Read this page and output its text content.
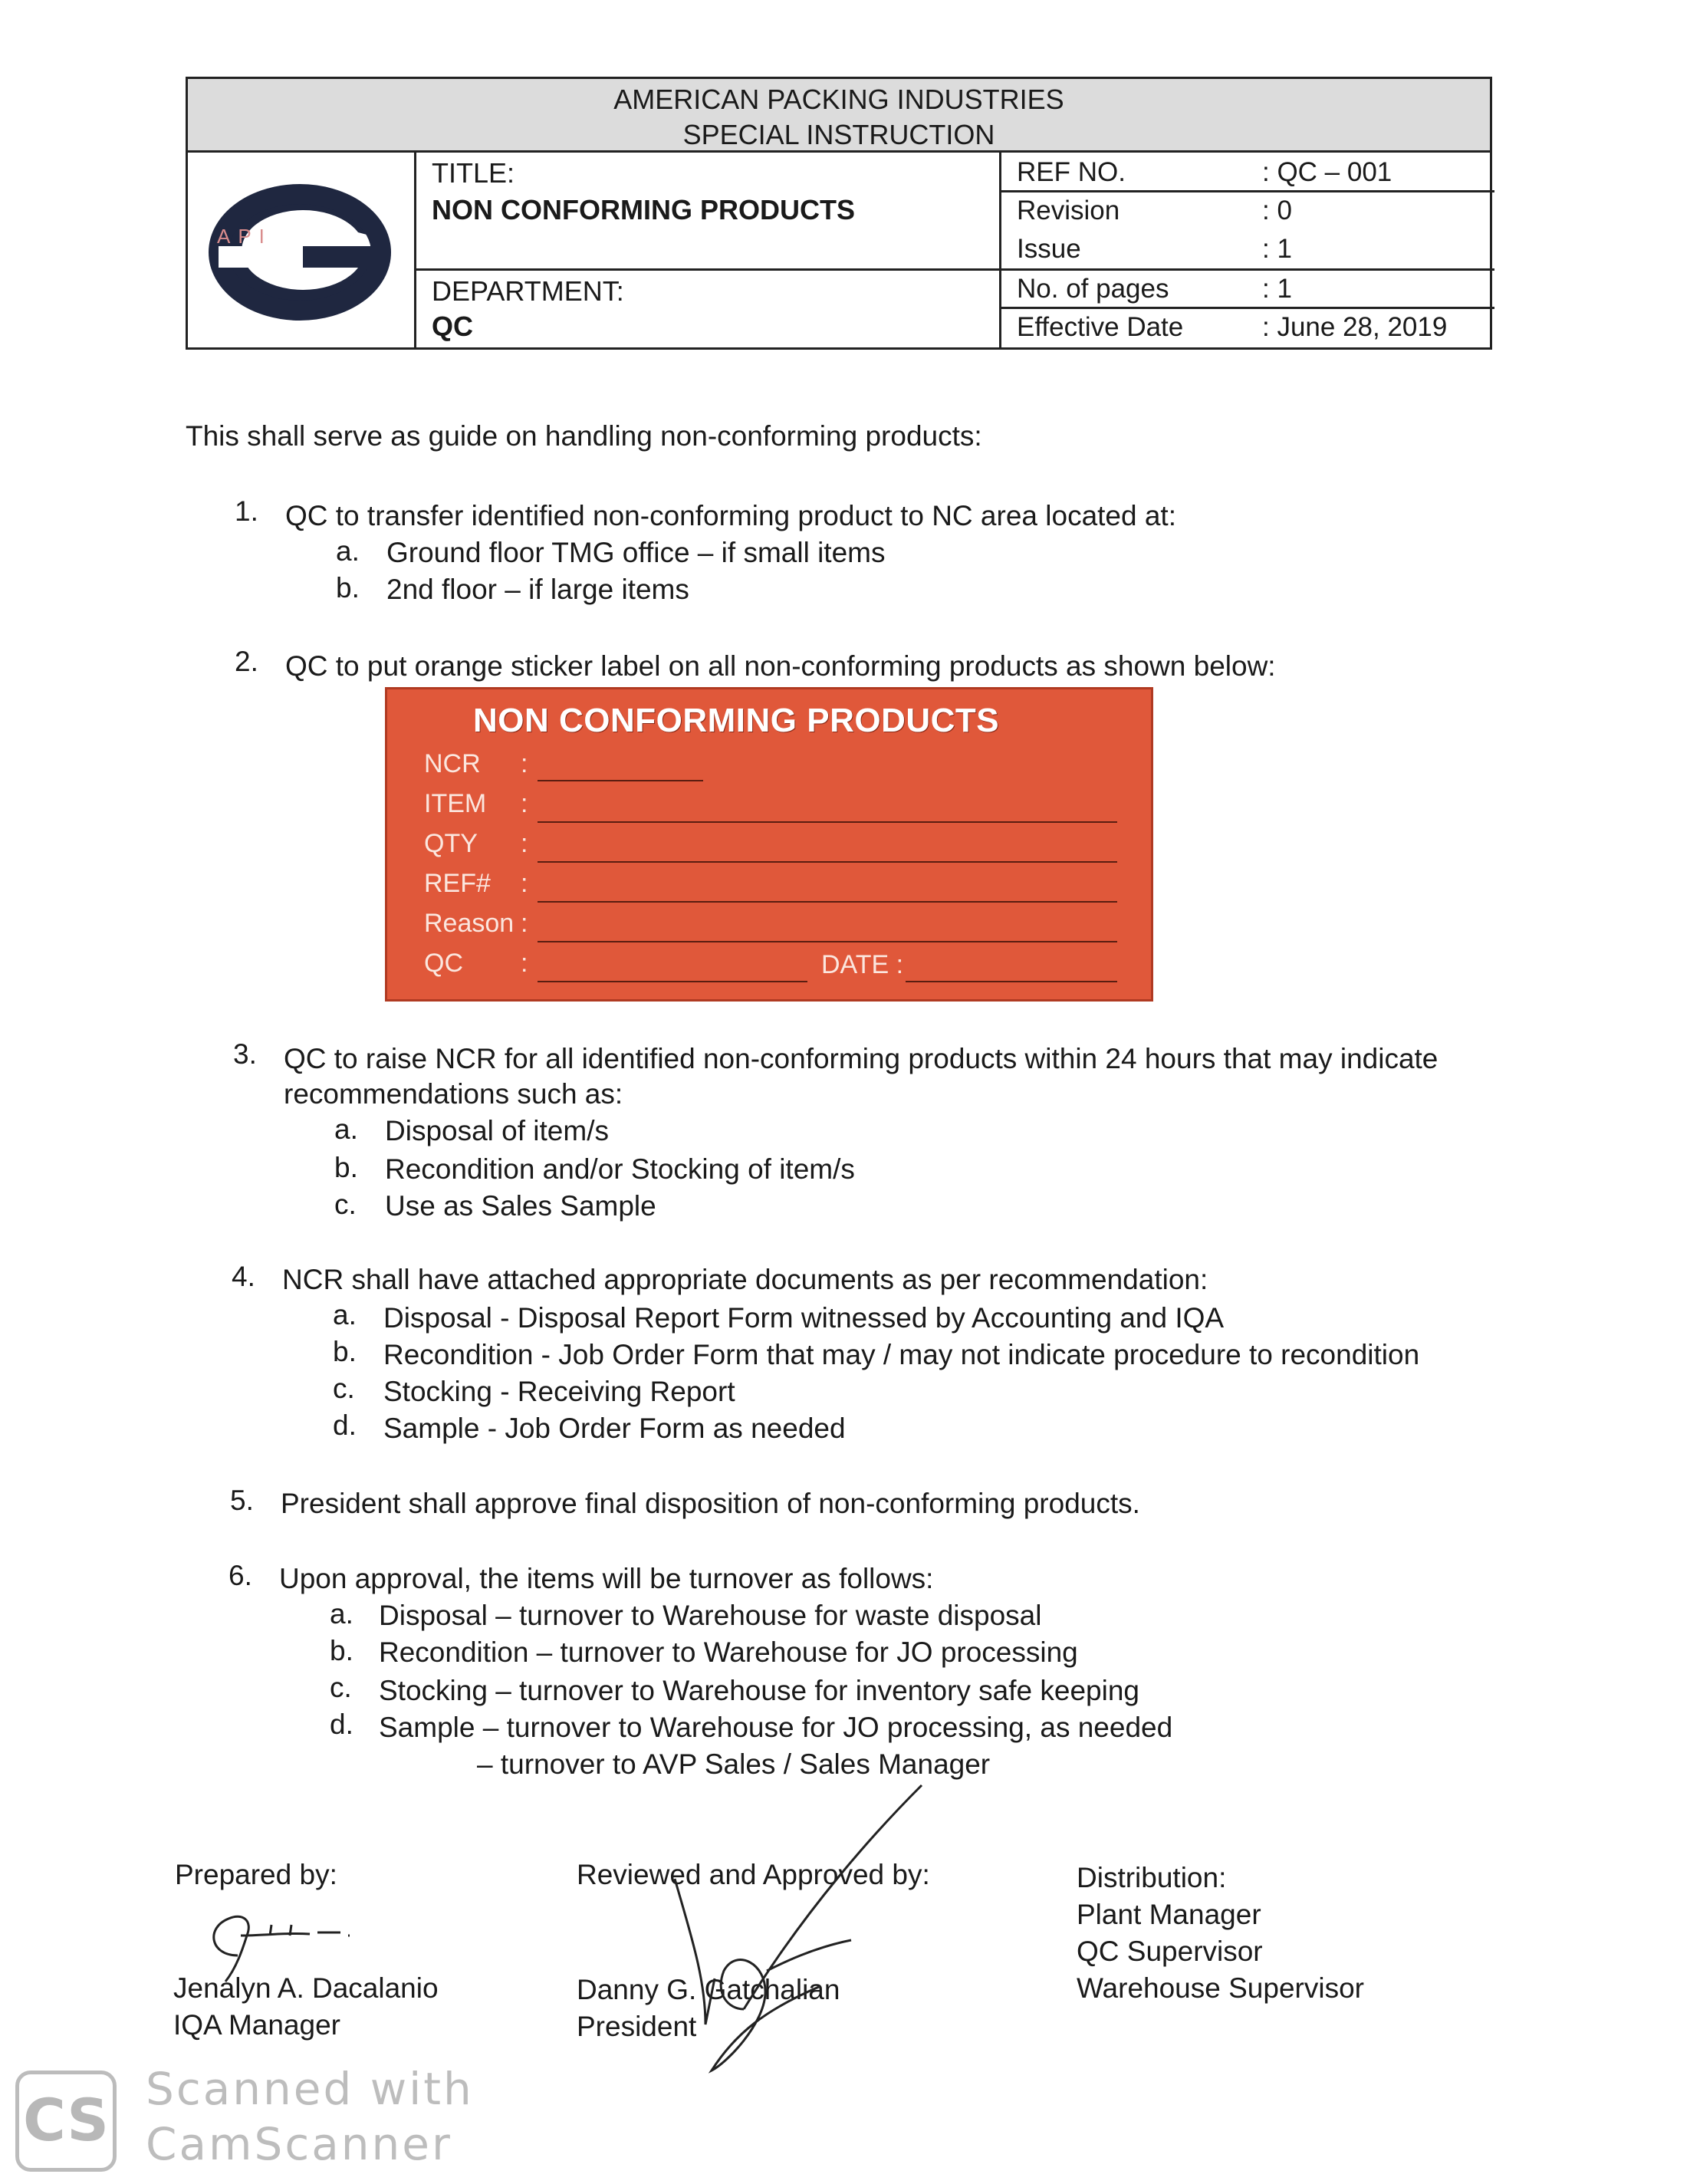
AMERICAN PACKING INDUSTRIES
SPECIAL INSTRUCTION
API
TITLE:
NON CONFORMING PRODUCTS
DEPARTMENT:
QC
REF NO.	: QC – 001
Revision	: 0
Issue	: 1
No. of pages	: 1
Effective Date	: June 28, 2019
This shall serve as guide on handling non-conforming products:
1. QC to transfer identified non-conforming product to NC area located at:
a. Ground floor TMG office – if small items
b. 2nd floor – if large items
2. QC to put orange sticker label on all non-conforming products as shown below:
NON CONFORMING PRODUCTS
NCR :
ITEM :
QTY :
REF# :
Reason :
QC :	DATE :
3. QC to raise NCR for all identified non-conforming products within 24 hours that may indicate
recommendations such as:
a. Disposal of item/s
b. Recondition and/or Stocking of item/s
c. Use as Sales Sample
4. NCR shall have attached appropriate documents as per recommendation:
a. Disposal - Disposal Report Form witnessed by Accounting and IQA
b. Recondition - Job Order Form that may / may not indicate procedure to recondition
c. Stocking - Receiving Report
d. Sample - Job Order Form as needed
5. President shall approve final disposition of non-conforming products.
6. Upon approval, the items will be turnover as follows:
a. Disposal – turnover to Warehouse for waste disposal
b. Recondition – turnover to Warehouse for JO processing
c. Stocking – turnover to Warehouse for inventory safe keeping
d. Sample – turnover to Warehouse for JO processing, as needed
– turnover to AVP Sales / Sales Manager
Prepared by:
Jenalyn A. Dacalanio
IQA Manager
Reviewed and Approved by:
Danny G. Gatchalian
President
Distribution:
Plant Manager
QC Supervisor
Warehouse Supervisor
CS Scanned with
CamScanner
